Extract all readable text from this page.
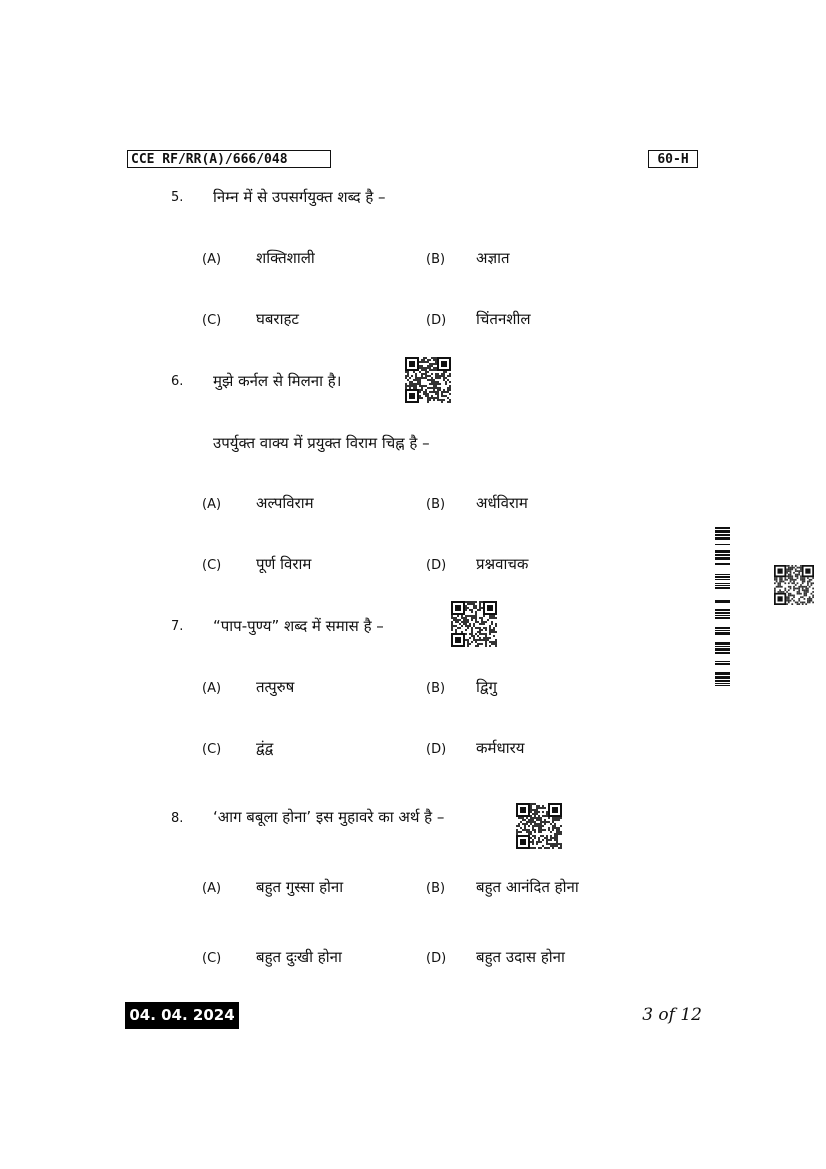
CCE RF/RR(A)/666/048	60-H
5. निम्न में से उपसर्गयुक्त शब्द है –
(A) शक्तिशाली	(B) अज्ञात
(C) घबराहट	(D) चिंतनशील
6. मुझे कर्नल से मिलना है।
उपर्युक्त वाक्य में प्रयुक्त विराम चिह्न है –
(A) अल्पविराम	(B) अर्धविराम
(C) पूर्ण विराम	(D) प्रश्नवाचक
7. “पाप-पुण्य” शब्द में समास है –
(A) तत्पुरुष	(B) द्विगु
(C) द्वंद्व	(D) कर्मधारय
8. ‘आग बबूला होना’ इस मुहावरे का अर्थ है –
(A) बहुत गुस्सा होना	(B) बहुत आनंदित होना
(C) बहुत दुःखी होना	(D) बहुत उदास होना
04. 04. 2024	3 of 12
